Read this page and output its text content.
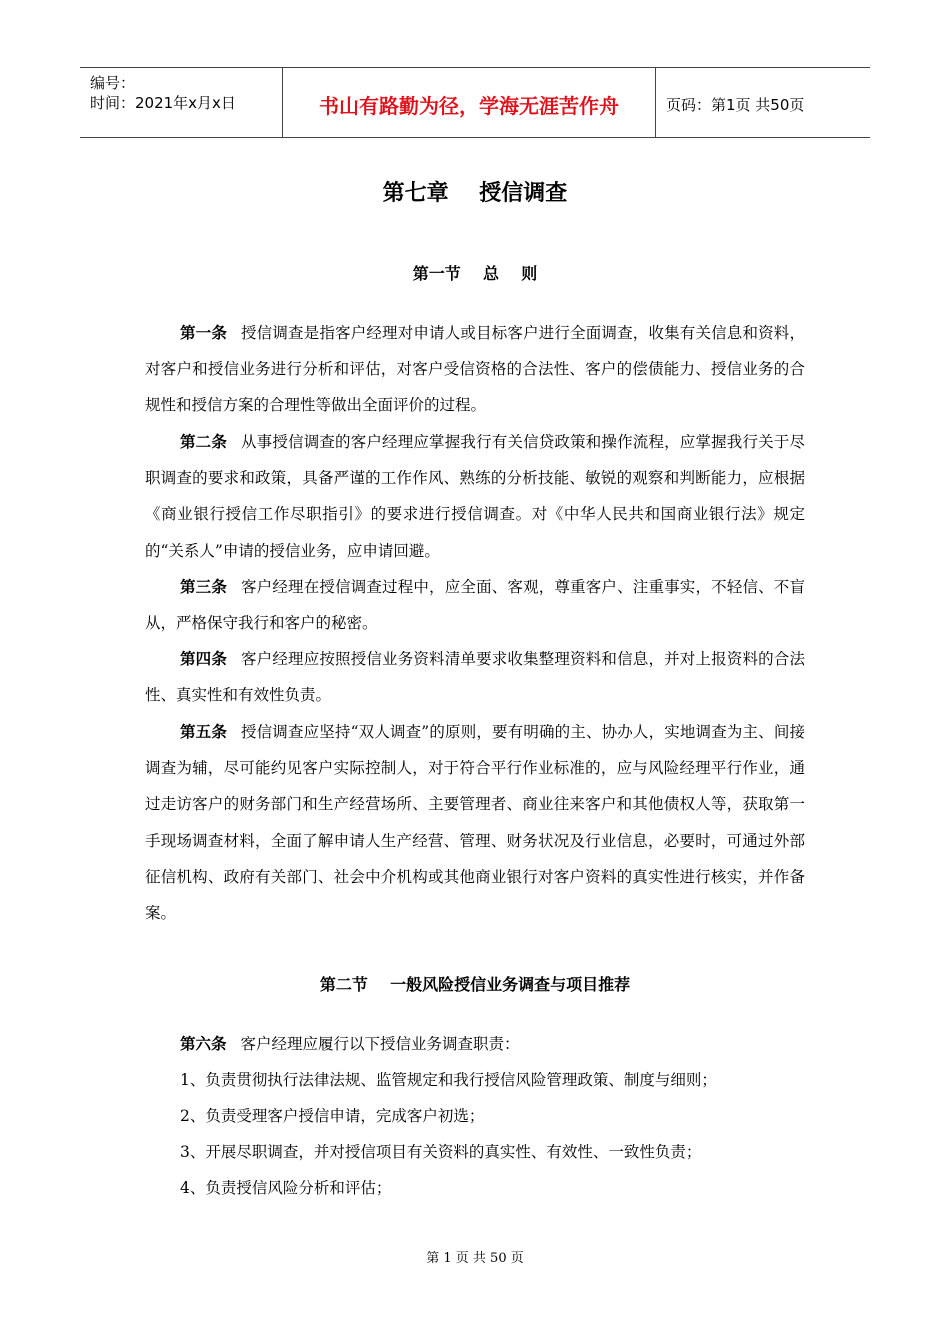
编号：
时间：2021年x月x日	书山有路勤为径，学海无涯苦作舟	页码：第1页 共50页
第七章    授信调查
第一节    总    则
第一条 授信调查是指客户经理对申请人或目标客户进行全面调查，收集有关信息和资料，对客户和授信业务进行分析和评估，对客户受信资格的合法性、客户的偿债能力、授信业务的合规性和授信方案的合理性等做出全面评价的过程。
第二条 从事授信调查的客户经理应掌握我行有关信贷政策和操作流程，应掌握我行关于尽职调查的要求和政策，具备严谨的工作作风、熟练的分析技能、敏锐的观察和判断能力，应根据《商业银行授信工作尽职指引》的要求进行授信调查。对《中华人民共和国商业银行法》规定的“关系人”申请的授信业务，应申请回避。
第三条 客户经理在授信调查过程中，应全面、客观，尊重客户、注重事实，不轻信、不盲从，严格保守我行和客户的秘密。
第四条 客户经理应按照授信业务资料清单要求收集整理资料和信息，并对上报资料的合法性、真实性和有效性负责。
第五条 授信调查应坚持“双人调查”的原则，要有明确的主、协办人，实地调查为主、间接调查为辅，尽可能约见客户实际控制人，对于符合平行作业标准的，应与风险经理平行作业，通过走访客户的财务部门和生产经营场所、主要管理者、商业往来客户和其他债权人等，获取第一手现场调查材料，全面了解申请人生产经营、管理、财务状况及行业信息，必要时，可通过外部征信机构、政府有关部门、社会中介机构或其他商业银行对客户资料的真实性进行核实，并作备案。
第二节    一般风险授信业务调查与项目推荐
第六条 客户经理应履行以下授信业务调查职责：
1、负责贯彻执行法律法规、监管规定和我行授信风险管理政策、制度与细则；
2、负责受理客户授信申请，完成客户初选；
3、开展尽职调查，并对授信项目有关资料的真实性、有效性、一致性负责；
4、负责授信风险分析和评估；
第 1 页 共 50 页
